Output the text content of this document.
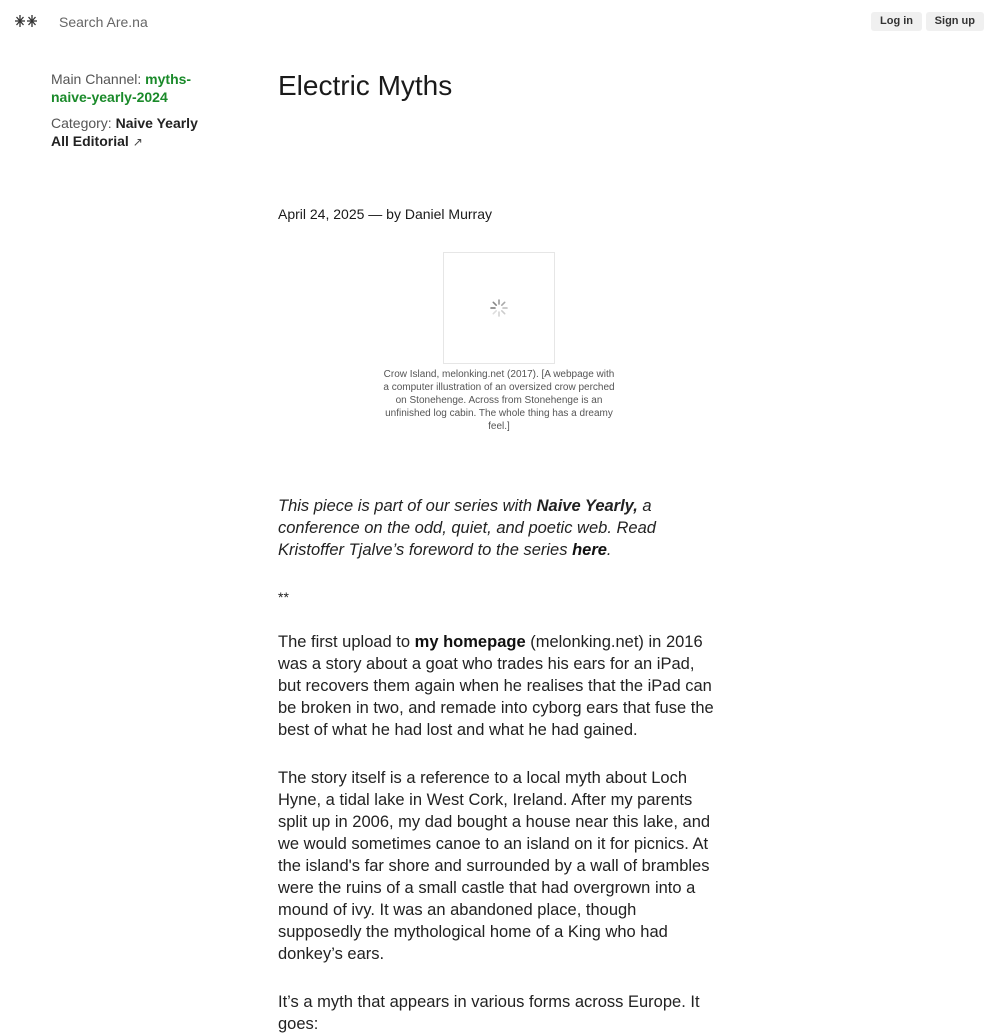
Search Are.na
Log in	Sign up
Main Channel: myths-naive-yearly-2024
Category: Naive Yearly All Editorial ↗
Electric Myths
April 24, 2025 — by Daniel Murray
Crow Island, melonking.net (2017). [A webpage with a computer illustration of an oversized crow perched on Stonehenge. Across from Stonehenge is an unfinished log cabin. The whole thing has a dreamy feel.]

This piece is part of our series with Naive Yearly, a conference on the odd, quiet, and poetic web. Read Kristoffer Tjalve’s foreword to the series here.

**

The first upload to my homepage (melonking.net) in 2016 was a story about a goat who trades his ears for an iPad, but recovers them again when he realises that the iPad can be broken in two, and remade into cyborg ears that fuse the best of what he had lost and what he had gained.

The story itself is a reference to a local myth about Loch Hyne, a tidal lake in West Cork, Ireland. After my parents split up in 2006, my dad bought a house near this lake, and we would sometimes canoe to an island on it for picnics. At the island's far shore and surrounded by a wall of brambles were the ruins of a small castle that had overgrown into a mound of ivy. It was an abandoned place, though supposedly the mythological home of a King who had donkey’s ears.

It’s a myth that appears in various forms across Europe. It goes:
